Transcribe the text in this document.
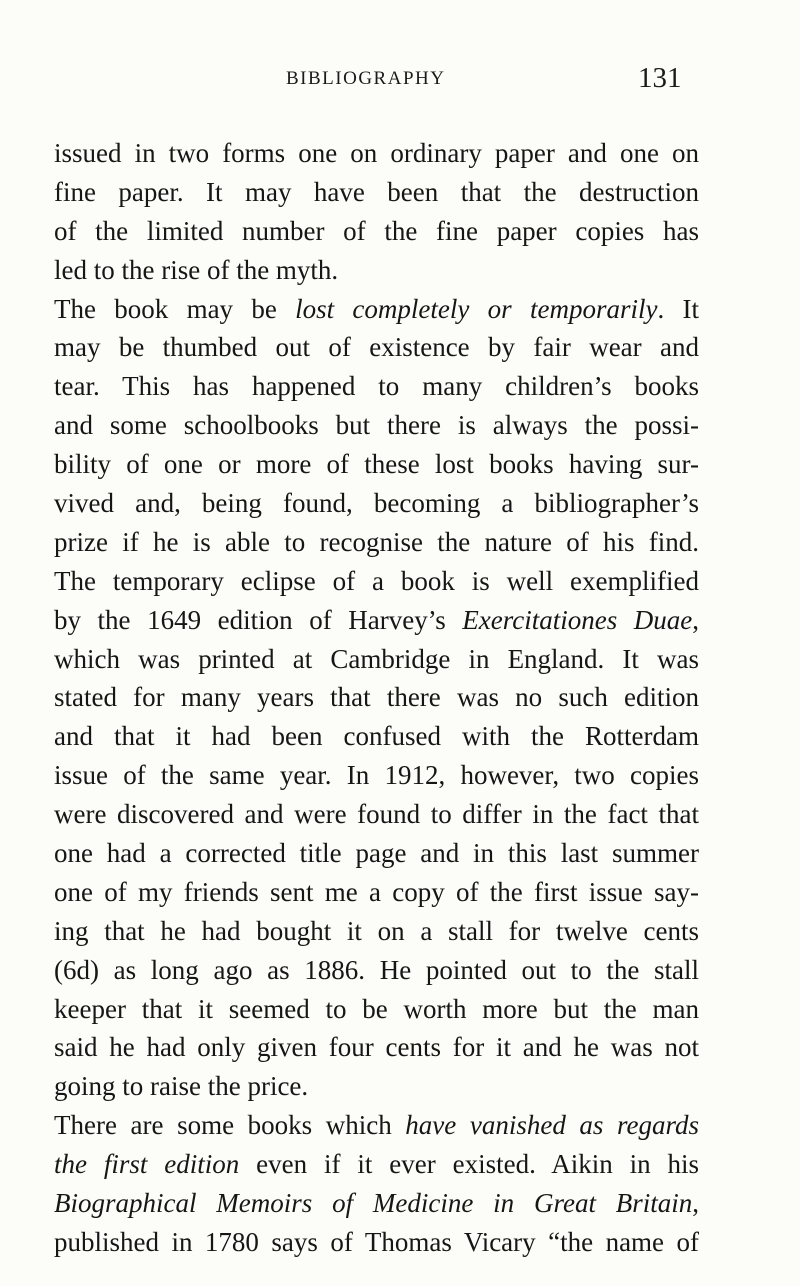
BIBLIOGRAPHY	131
issued in two forms one on ordinary paper and one on
fine paper. It may have been that the destruction
of the limited number of the fine paper copies has
led to the rise of the myth.
The book may be lost completely or temporarily. It
may be thumbed out of existence by fair wear and
tear. This has happened to many children’s books
and some schoolbooks but there is always the possi-
bility of one or more of these lost books having sur-
vived and, being found, becoming a bibliographer’s
prize if he is able to recognise the nature of his find.
The temporary eclipse of a book is well exemplified
by the 1649 edition of Harvey’s Exercitationes Duae,
which was printed at Cambridge in England. It was
stated for many years that there was no such edition
and that it had been confused with the Rotterdam
issue of the same year. In 1912, however, two copies
were discovered and were found to differ in the fact that
one had a corrected title page and in this last summer
one of my friends sent me a copy of the first issue say-
ing that he had bought it on a stall for twelve cents
(6d) as long ago as 1886. He pointed out to the stall
keeper that it seemed to be worth more but the man
said he had only given four cents for it and he was not
going to raise the price.
There are some books which have vanished as regards
the first edition even if it ever existed. Aikin in his
Biographical Memoirs of Medicine in Great Britain,
published in 1780 says of Thomas Vicary “the name of
